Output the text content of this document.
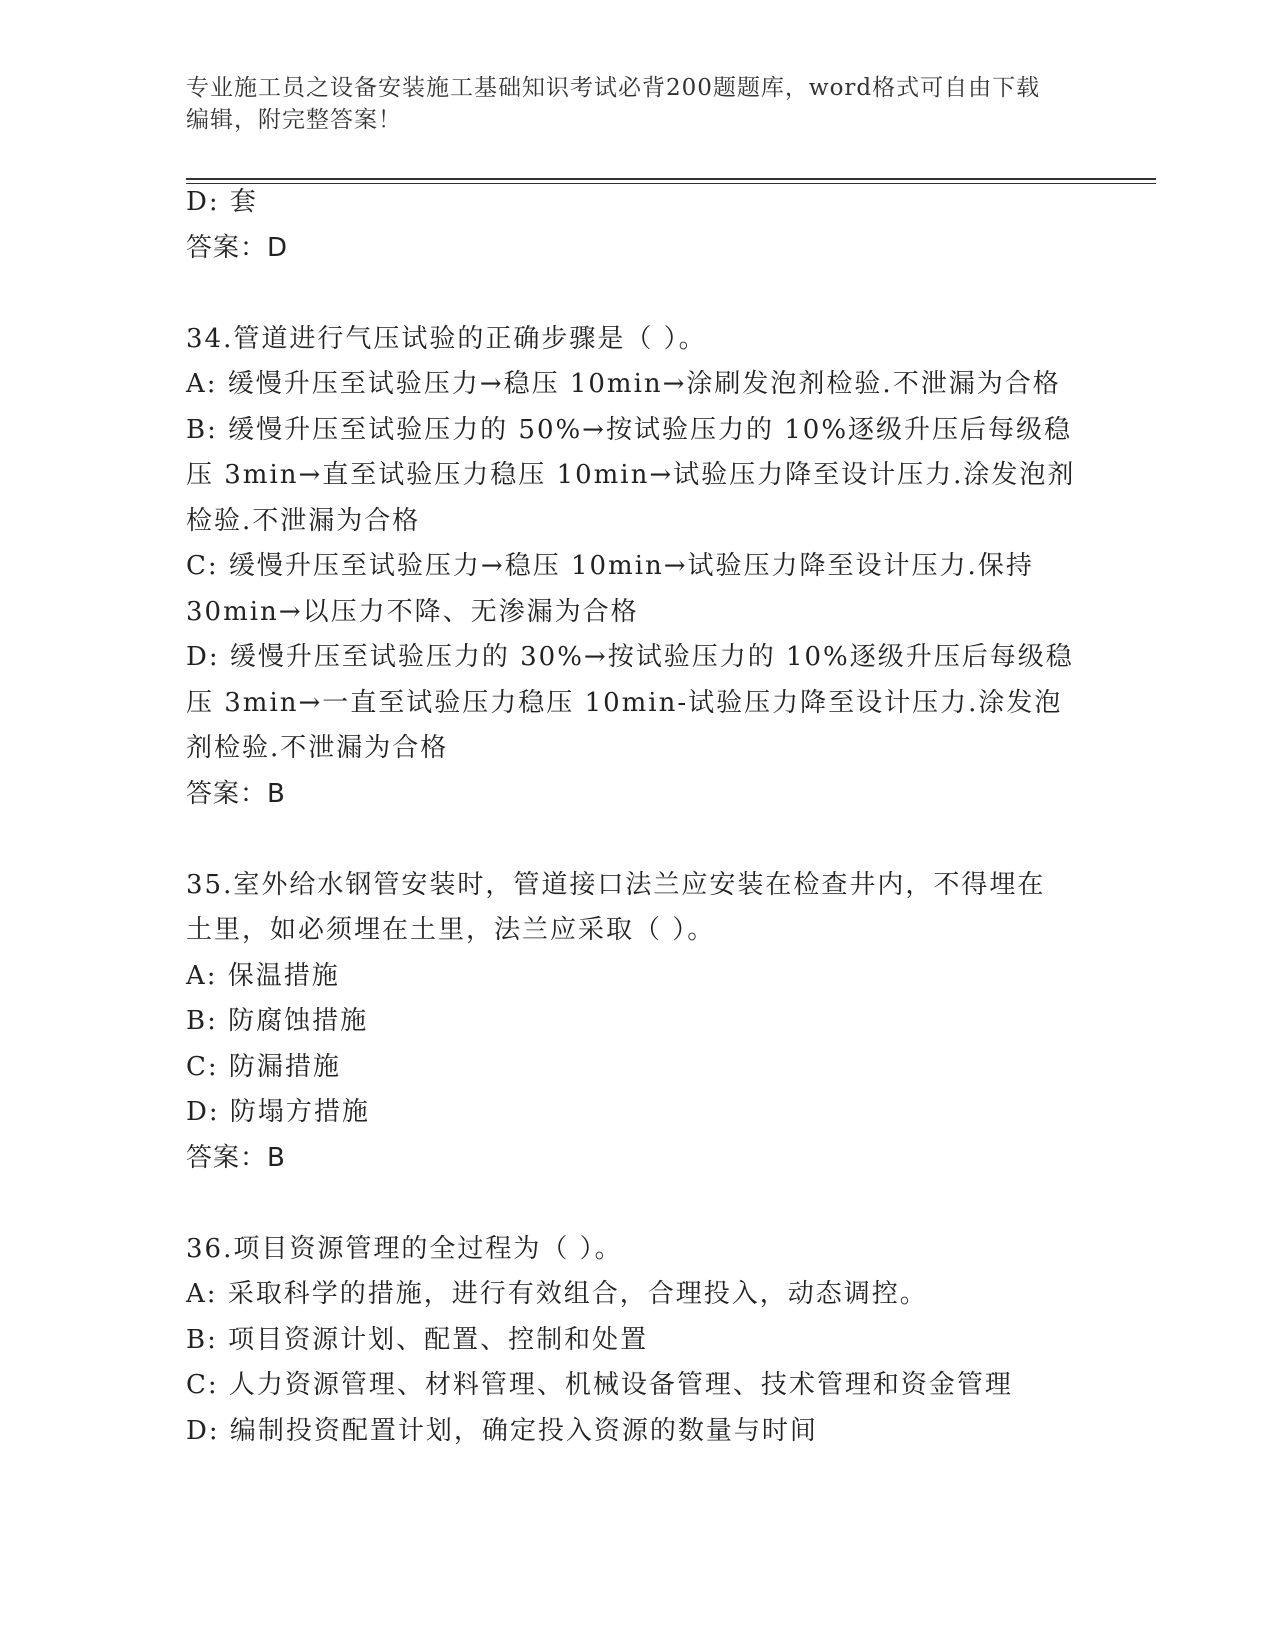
专业施工员之设备安装施工基础知识考试必背200题题库，word格式可自由下载
编辑，附完整答案！
D: 套
答案：D
34.管道进行气压试验的正确步骤是（ ）。
A: 缓慢升压至试验压力→稳压 10min→涂刷发泡剂检验.不泄漏为合格
B: 缓慢升压至试验压力的 50%→按试验压力的 10%逐级升压后每级稳
压 3min→直至试验压力稳压 10min→试验压力降至设计压力.涂发泡剂
检验.不泄漏为合格
C: 缓慢升压至试验压力→稳压 10min→试验压力降至设计压力.保持
30min→以压力不降、无渗漏为合格
D: 缓慢升压至试验压力的 30%→按试验压力的 10%逐级升压后每级稳
压 3min→一直至试验压力稳压 10min-试验压力降至设计压力.涂发泡
剂检验.不泄漏为合格
答案：B
35.室外给水钢管安装时，管道接口法兰应安装在检查井内，不得埋在
土里，如必须埋在土里，法兰应采取（ ）。
A: 保温措施
B: 防腐蚀措施
C: 防漏措施
D: 防塌方措施
答案：B
36.项目资源管理的全过程为（ ）。
A: 采取科学的措施，进行有效组合，合理投入，动态调控。
B: 项目资源计划、配置、控制和处置
C: 人力资源管理、材料管理、机械设备管理、技术管理和资金管理
D: 编制投资配置计划，确定投入资源的数量与时间
